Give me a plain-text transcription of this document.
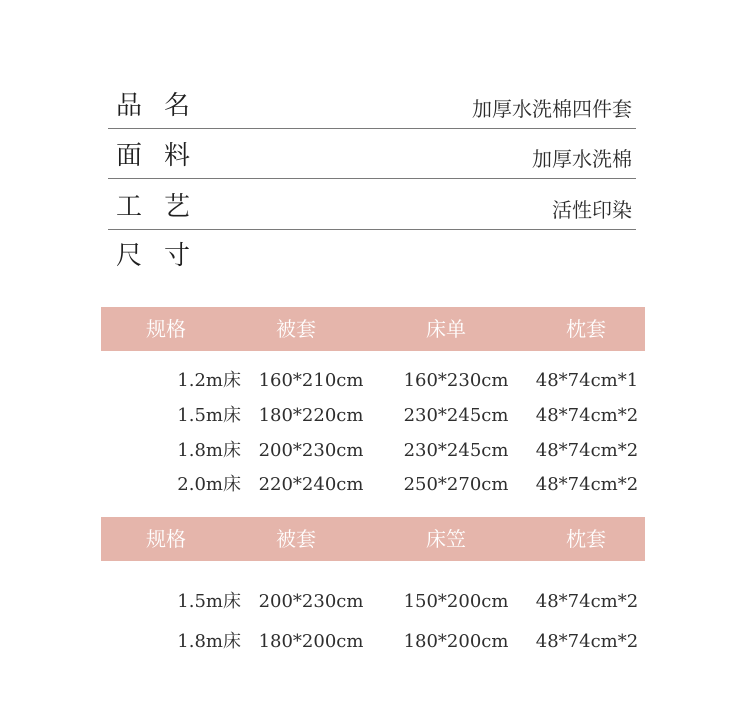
品名	加厚水洗棉四件套
面料	加厚水洗棉
工艺	活性印染
尺寸
规格	被套	床单	枕套
1.2m床 160*210cm	160*230cm	48*74cm*1
1.5m床 180*220cm	230*245cm	48*74cm*2
1.8m床 200*230cm	230*245cm	48*74cm*2
2.0m床 220*240cm	250*270cm	48*74cm*2
规格	被套	床笠	枕套
1.5m床 200*230cm	150*200cm	48*74cm*2
1.8m床 180*200cm	180*200cm	48*74cm*2
